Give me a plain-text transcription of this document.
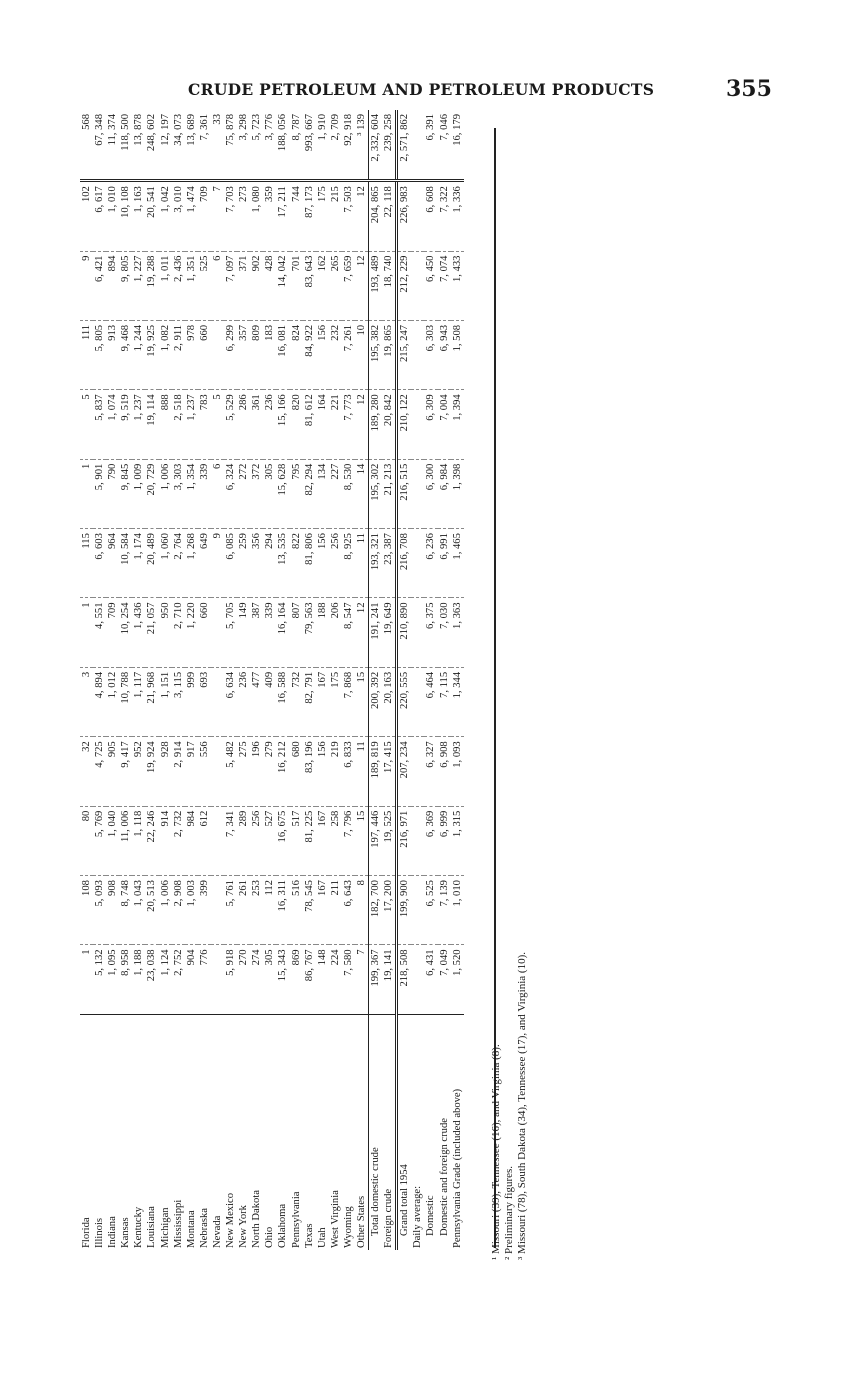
CRUDE PETROLEUM AND PETROLEUM PRODUCTS	355
Florida	1	108	80	32	3	1	115	1	5	111	9	102	568
Illinois	5, 132	5, 093	5, 769	4, 725	4, 894	4, 551	6, 603	5, 901	5, 837	5, 805	6, 421	6, 617	67, 348
Indiana	1, 095	908	1, 040	905	1, 012	709	964	790	1, 074	913	894	1, 010	11, 374
Kansas	8, 958	8, 748	11, 006	9, 417	10, 788	10, 254	10, 584	9, 845	9, 519	9, 468	9, 805	10, 108	118, 500
Kentucky	1, 188	1, 043	1, 118	952	1, 117	1, 436	1, 174	1, 009	1, 237	1, 244	1, 227	1, 163	13, 878
Louisiana	23, 038	20, 513	22, 246	19, 924	21, 968	21, 057	20, 489	20, 729	19, 114	19, 925	19, 288	20, 541	248, 602
Michigan	1, 124	1, 006	914	928	1, 151	950	1, 060	1, 006	888	1, 082	1, 011	1, 042	12, 197
Mississippi	2, 752	2, 908	2, 732	2, 914	3, 115	2, 710	2, 764	3, 303	2, 518	2, 911	2, 436	3, 010	34, 073
Montana	904	1, 003	984	917	999	1, 220	1, 268	1, 354	1, 237	978	1, 351	1, 474	13, 689
Nebraska	776	399	612	556	693	660	649	339	783	660	525	709	7, 361
Nevada							9	6	5		6	7	33
New Mexico	5, 918	5, 761	7, 341	5, 482	6, 634	5, 705	6, 085	6, 324	5, 529	6, 299	7, 097	7, 703	75, 878
New York	270	261	289	275	236	149	259	272	286	357	371	273	3, 298
North Dakota	274	253	256	196	477	387	356	372	361	809	902	1, 080	5, 723
Ohio	305	112	527	279	409	339	294	305	236	183	428	359	3, 776
Oklahoma	15, 343	16, 311	16, 675	16, 212	16, 588	16, 164	13, 535	15, 628	15, 166	16, 081	14, 042	17, 211	188, 056
Pennsylvania	869	516	517	680	732	807	822	795	820	824	701	744	8, 787
Texas	86, 767	78, 545	81, 225	83, 196	82, 791	79, 563	81, 806	82, 294	81, 612	84, 922	83, 643	87, 173	993, 667
Utah	148	167	167	156	167	188	156	134	164	156	162	175	1, 910
West Virginia	224	211	258	219	175	206	256	227	221	232	265	215	2, 709
Wyoming	7, 580	6, 643	7, 796	6, 833	7, 868	8, 547	8, 925	8, 530	7, 773	7, 261	7, 659	7, 503	92, 918
Other States	7	8	15	11	15	12	11	14	12	10	12	12	³ 139
Total domestic crude	199, 367	182, 700	197, 446	189, 819	200, 392	191, 241	193, 321	195, 302	189, 280	195, 382	193, 489	204, 865	2, 332, 604
Foreign crude	19, 141	17, 200	19, 525	17, 415	20, 163	19, 649	23, 387	21, 213	20, 842	19, 865	18, 740	22, 118	239, 258
Grand total 1954	218, 508	199, 900	216, 971	207, 234	220, 555	210, 890	216, 708	216, 515	210, 122	215, 247	212, 229	226, 983	2, 571, 862
Daily average:													
Domestic	6, 431	6, 525	6, 369	6, 327	6, 464	6, 375	6, 236	6, 300	6, 309	6, 303	6, 450	6, 608	6, 391
Domestic and foreign crude	7, 049	7, 139	6, 999	6, 908	7, 115	7, 030	6, 991	6, 984	7, 004	6, 943	7, 074	7, 322	7, 046
Pennsylvania Grade (included above)	1, 520	1, 010	1, 315	1, 093	1, 344	1, 363	1, 465	1, 398	1, 394	1, 508	1, 433	1, 336	16, 179
¹ Missouri (39), Tennessee (16), and Virginia (8). ² Preliminary figures. ³ Missouri (78), South Dakota (34), Tennessee (17), and Virginia (10).
